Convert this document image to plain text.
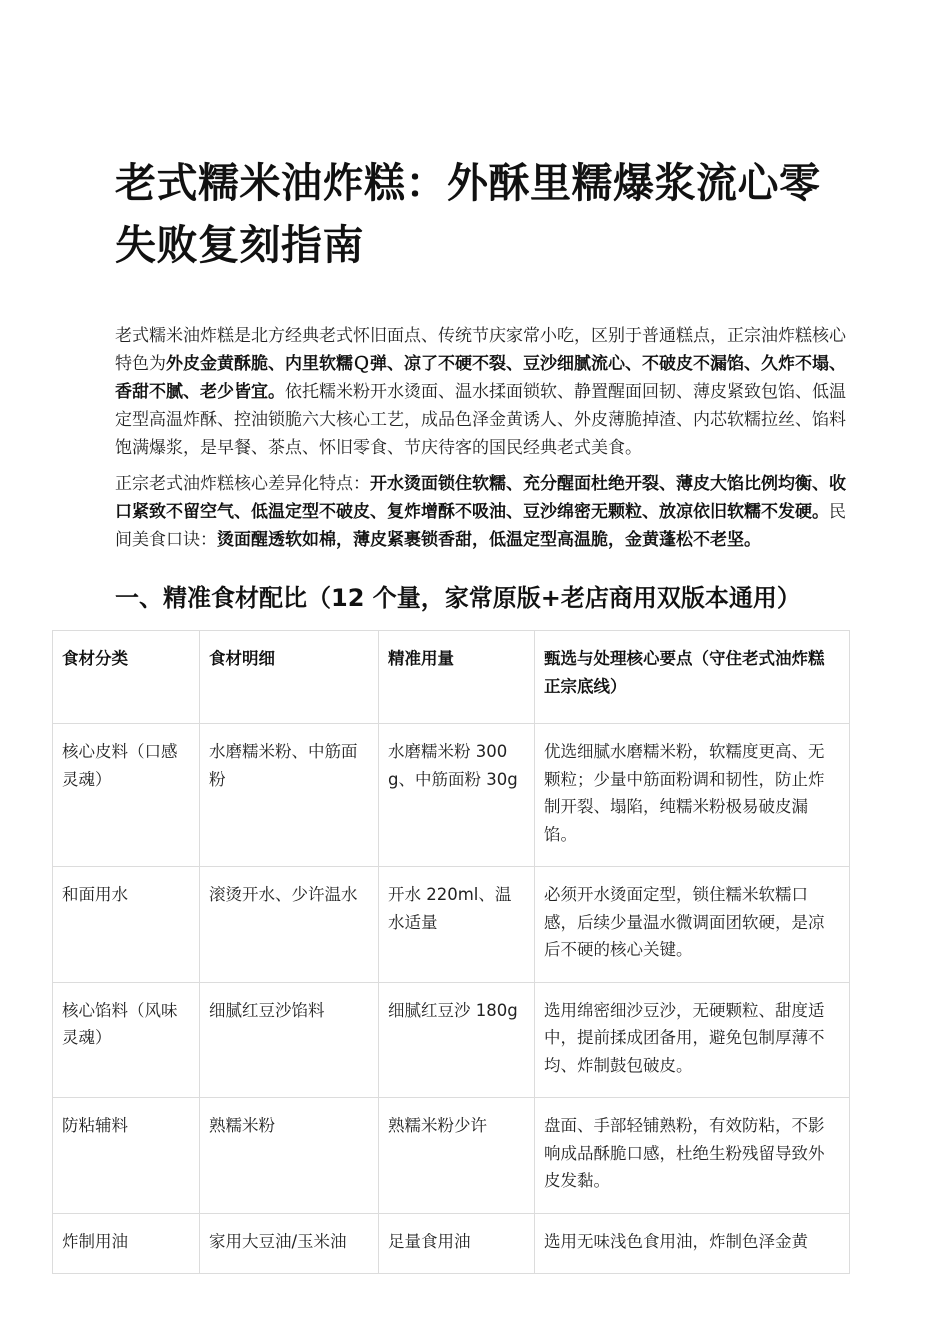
老式糯米油炸糕：外酥里糯爆浆流心零失败复刻指南

老式糯米油炸糕是北方经典老式怀旧面点、传统节庆家常小吃，区别于普通糕点，正宗油炸糕核心特色为外皮金黄酥脆、内里软糯Ｑ弹、凉了不硬不裂、豆沙细腻流心、不破皮不漏馅、久炸不塌、香甜不腻、老少皆宜。依托糯米粉开水烫面、温水揉面锁软、静置醒面回韧、薄皮紧致包馅、低温定型高温炸酥、控油锁脆六大核心工艺，成品色泽金黄诱人、外皮薄脆掉渣、内芯软糯拉丝、馅料饱满爆浆，是早餐、茶点、怀旧零食、节庆待客的国民经典老式美食。

正宗老式油炸糕核心差异化特点：开水烫面锁住软糯、充分醒面杜绝开裂、薄皮大馅比例均衡、收口紧致不留空气、低温定型不破皮、复炸增酥不吸油、豆沙绵密无颗粒、放凉依旧软糯不发硬。民间美食口诀：烫面醒透软如棉，薄皮紧裹锁香甜，低温定型高温脆，金黄蓬松不老坚。

一、精准食材配比（12 个量，家常原版+老店商用双版本通用）
食材分类	食材明细	精准用量	甄选与处理核心要点（守住老式油炸糕正宗底线）
核心皮料（口感灵魂）	水磨糯米粉、中筋面粉	水磨糯米粉 300g、中筋面粉 30g	优选细腻水磨糯米粉，软糯度更高、无颗粒；少量中筋面粉调和韧性，防止炸制开裂、塌陷，纯糯米粉极易破皮漏馅。
和面用水	滚烫开水、少许温水	开水 220ml、温水适量	必须开水烫面定型，锁住糯米软糯口感，后续少量温水微调面团软硬，是凉后不硬的核心关键。
核心馅料（风味灵魂）	细腻红豆沙馅料	细腻红豆沙 180g	选用绵密细沙豆沙，无硬颗粒、甜度适中，提前揉成团备用，避免包制厚薄不均、炸制鼓包破皮。
防粘辅料	熟糯米粉	熟糯米粉少许	盘面、手部轻铺熟粉，有效防粘，不影响成品酥脆口感，杜绝生粉残留导致外皮发黏。
炸制用油	家用大豆油/玉米油	足量食用油	选用无味浅色食用油，炸制色泽金黄
